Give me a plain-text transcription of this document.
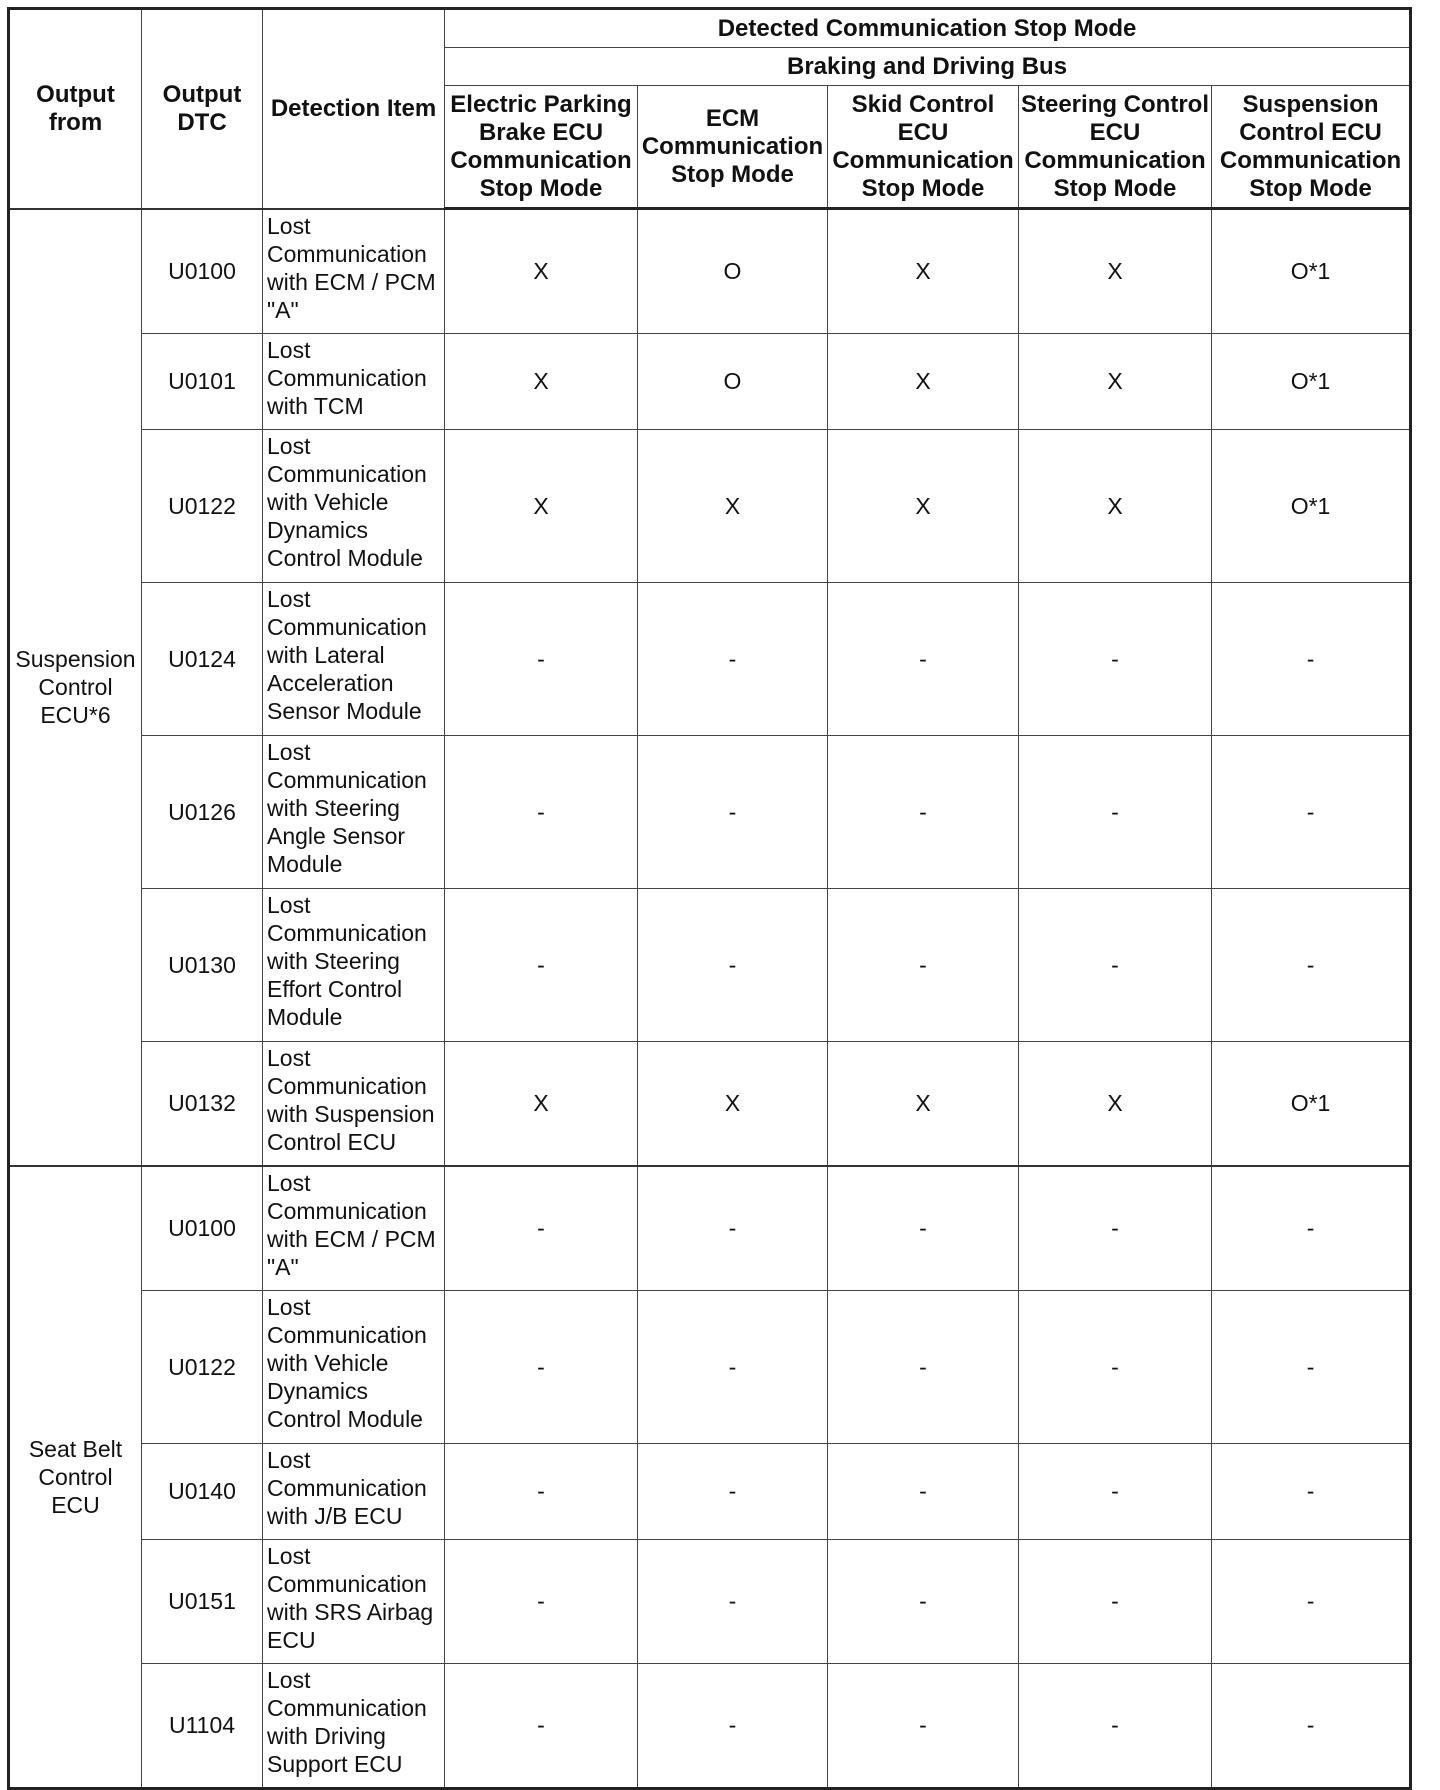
Output from	Output DTC	Detection Item	Detected Communication Stop Mode				
			Braking and Driving Bus				
			Electric Parking Brake ECU Communication Stop Mode	ECM Communication Stop Mode	Skid Control ECU Communication Stop Mode	Steering Control ECU Communication Stop Mode	Suspension Control ECU Communication Stop Mode
Suspension Control ECU*6	U0100	Lost Communication with ECM / PCM "A"	X	O	X	X	O*1
	U0101	Lost Communication with TCM	X	O	X	X	O*1
	U0122	Lost Communication with Vehicle Dynamics Control Module	X	X	X	X	O*1
	U0124	Lost Communication with Lateral Acceleration Sensor Module	-	-	-	-	-
	U0126	Lost Communication with Steering Angle Sensor Module	-	-	-	-	-
	U0130	Lost Communication with Steering Effort Control Module	-	-	-	-	-
	U0132	Lost Communication with Suspension Control ECU	X	X	X	X	O*1
Seat Belt Control ECU	U0100	Lost Communication with ECM / PCM "A"	-	-	-	-	-
	U0122	Lost Communication with Vehicle Dynamics Control Module	-	-	-	-	-
	U0140	Lost Communication with J/B ECU	-	-	-	-	-
	U0151	Lost Communication with SRS Airbag ECU	-	-	-	-	-
	U1104	Lost Communication with Driving Support ECU	-	-	-	-	-
